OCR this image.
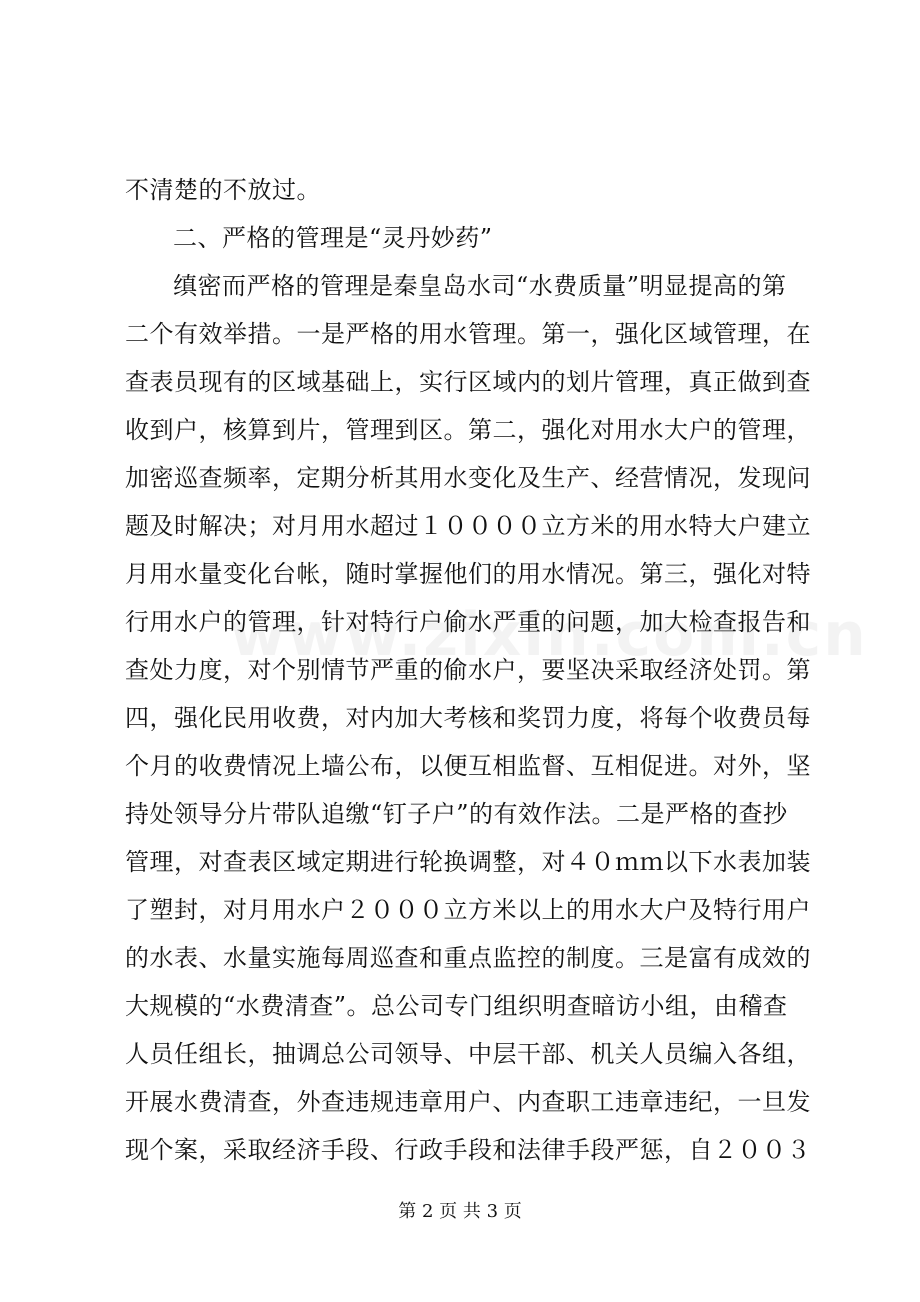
不清楚的不放过。
二、严格的管理是“灵丹妙药”
缜密而严格的管理是秦皇岛水司“水费质量”明显提高的第
二个有效举措。一是严格的用水管理。第一，强化区域管理，在
查表员现有的区域基础上，实行区域内的划片管理，真正做到查
收到户，核算到片，管理到区。第二，强化对用水大户的管理，
加密巡查频率，定期分析其用水变化及生产、经营情况，发现问
题及时解决；对月用水超过１００００立方米的用水特大户建立
月用水量变化台帐，随时掌握他们的用水情况。第三，强化对特
行用水户的管理，针对特行户偷水严重的问题，加大检查报告和
查处力度，对个别情节严重的偷水户，要坚决采取经济处罚。第
四，强化民用收费，对内加大考核和奖罚力度，将每个收费员每
个月的收费情况上墙公布，以便互相监督、互相促进。对外，坚
持处领导分片带队追缴“钉子户”的有效作法。二是严格的查抄
管理，对查表区域定期进行轮换调整，对４０ｍｍ以下水表加装
了塑封，对月用水户２０００立方米以上的用水大户及特行用户
的水表、水量实施每周巡查和重点监控的制度。三是富有成效的
大规模的“水费清查”。总公司专门组织明查暗访小组，由稽查
人员任组长，抽调总公司领导、中层干部、机关人员编入各组，
开展水费清查，外查违规违章用户、内查职工违章违纪，一旦发
现个案，采取经济手段、行政手段和法律手段严惩，自２００３
第 2 页 共 3 页
